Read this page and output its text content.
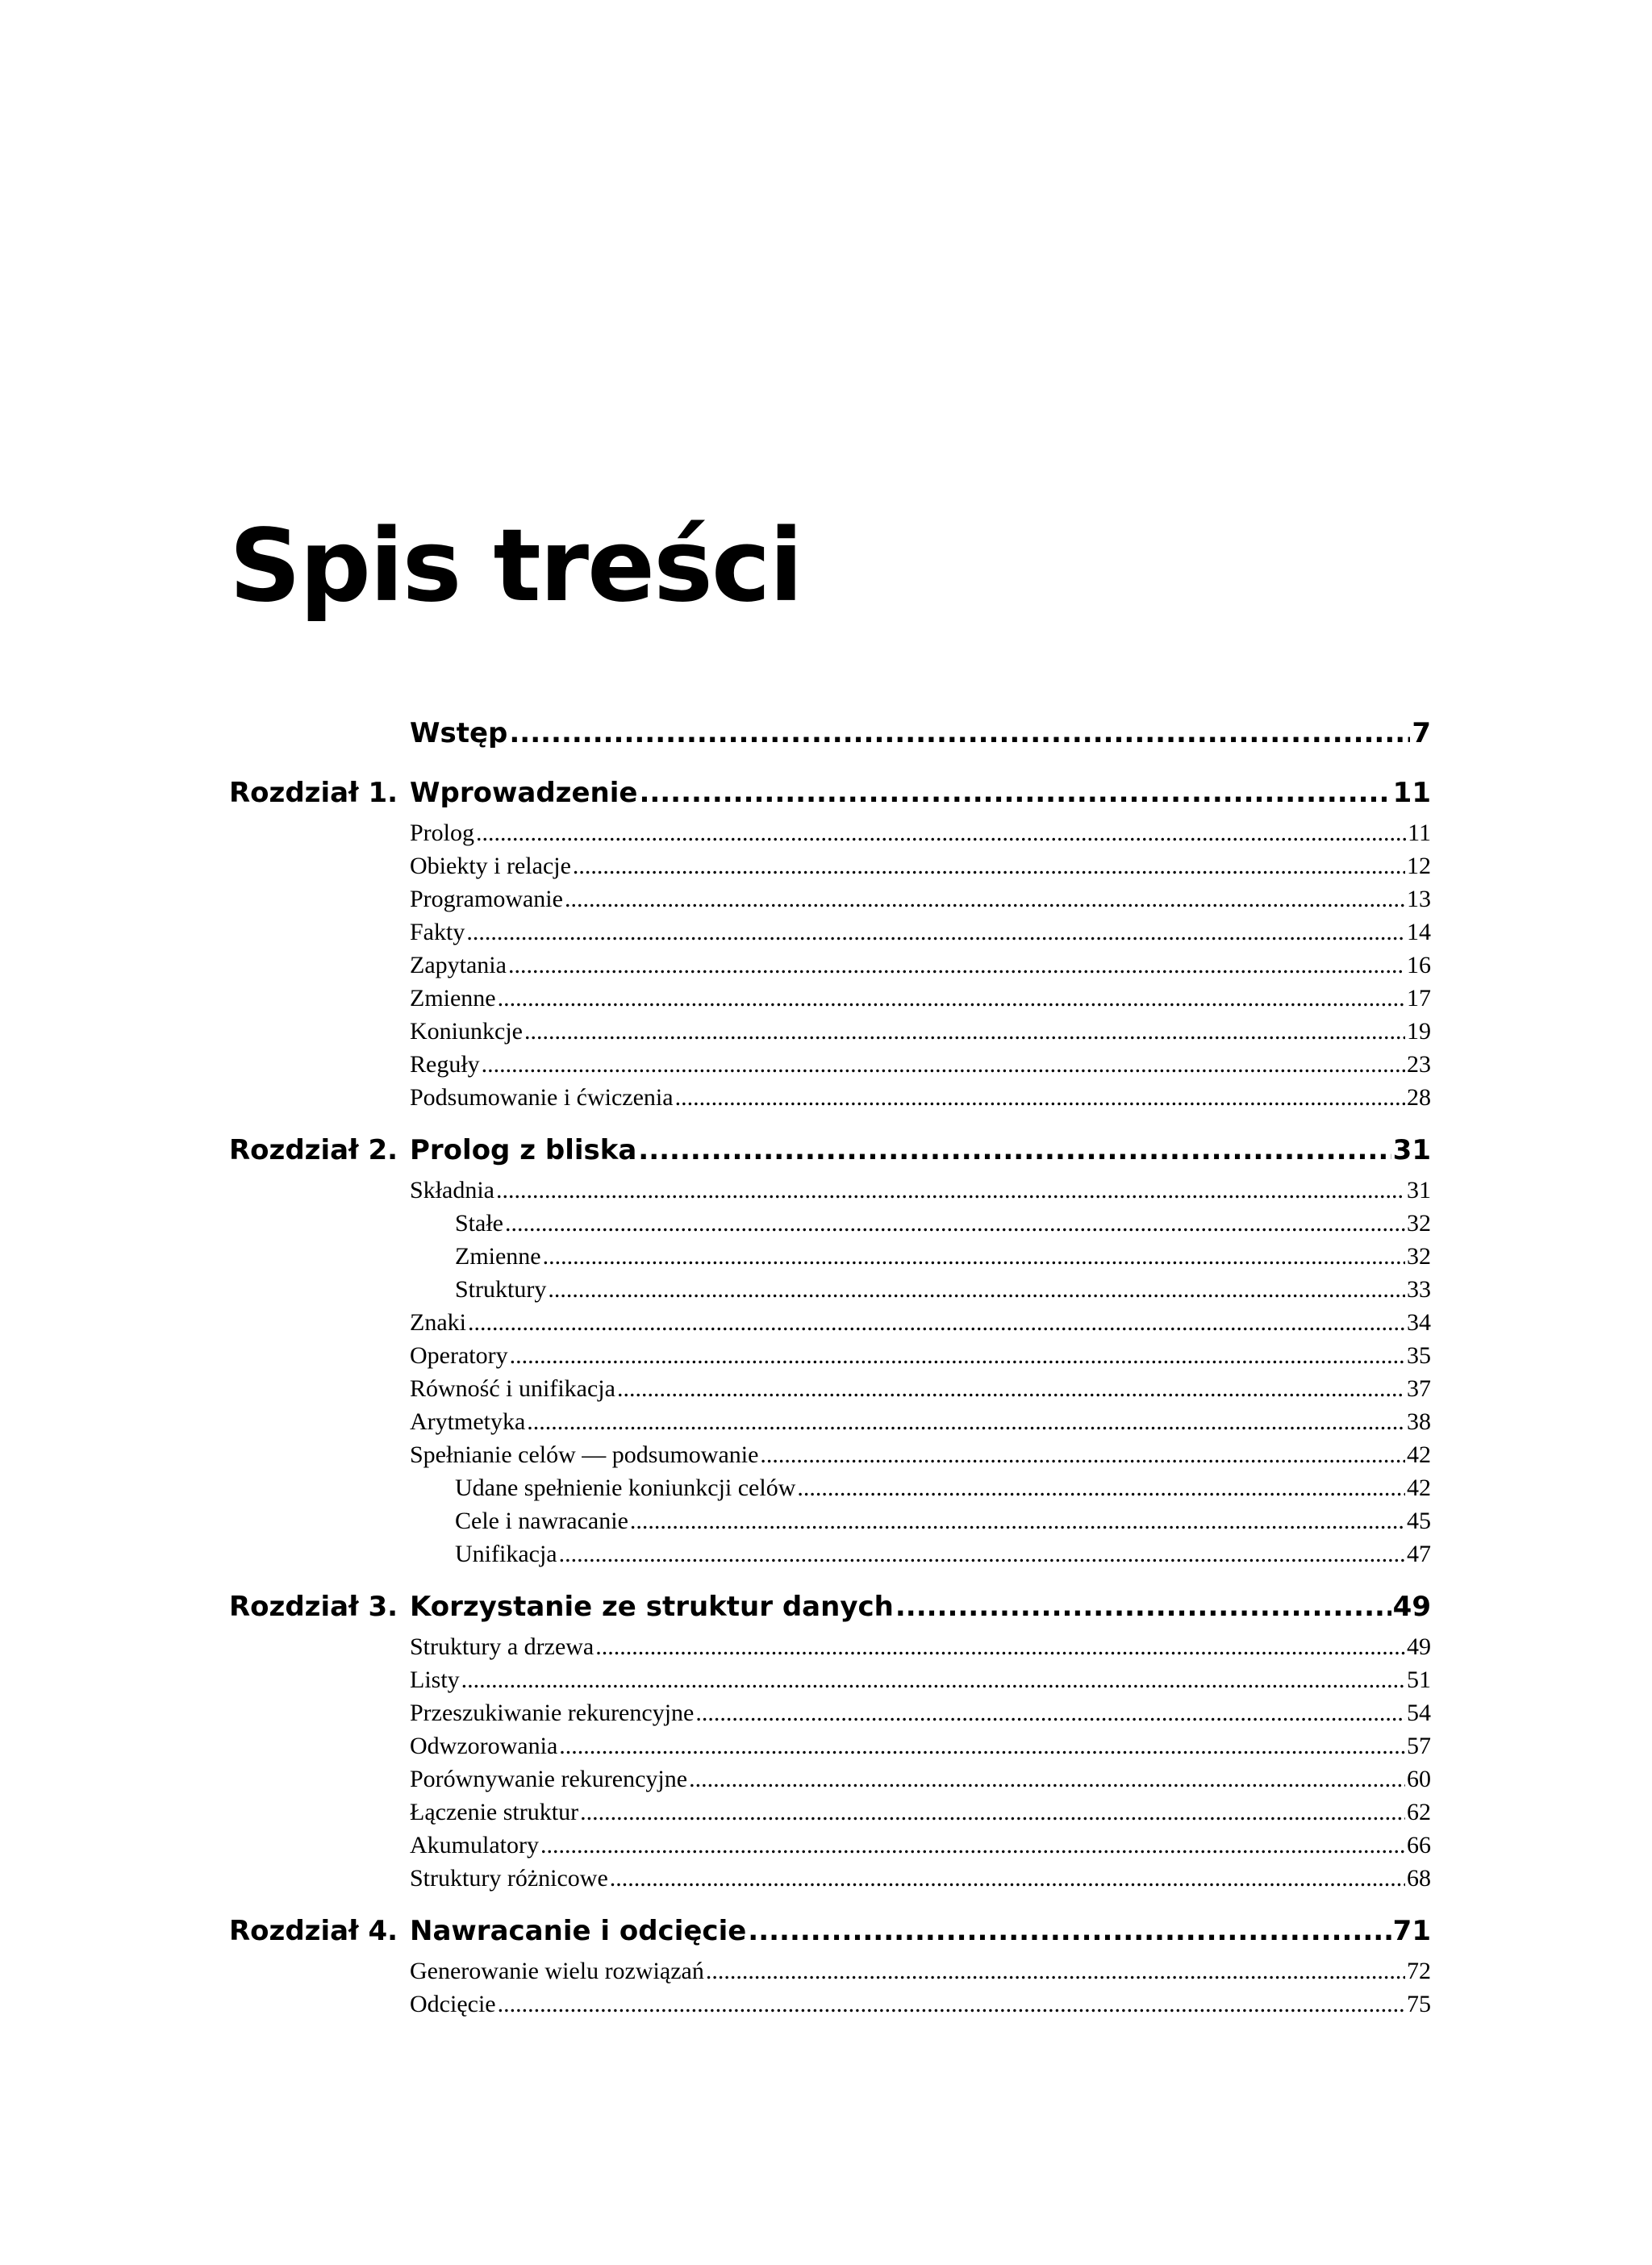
Spis treści
Wstęp .....	7
Rozdział 1. Wprowadzenie .....	11
Prolog .....	11
Obiekty i relacje .....	12
Programowanie .....	13
Fakty .....	14
Zapytania .....	16
Zmienne .....	17
Koniunkcje .....	19
Reguły .....	23
Podsumowanie i ćwiczenia .....	28
Rozdział 2. Prolog z bliska .....	31
Składnia .....	31
Stałe .....	32
Zmienne .....	32
Struktury .....	33
Znaki .....	34
Operatory .....	35
Równość i unifikacja .....	37
Arytmetyka .....	38
Spełnianie celów — podsumowanie .....	42
Udane spełnienie koniunkcji celów .....	42
Cele i nawracanie .....	45
Unifikacja .....	47
Rozdział 3. Korzystanie ze struktur danych .....	49
Struktury a drzewa .....	49
Listy .....	51
Przeszukiwanie rekurencyjne .....	54
Odwzorowania .....	57
Porównywanie rekurencyjne .....	60
Łączenie struktur .....	62
Akumulatory .....	66
Struktury różnicowe .....	68
Rozdział 4. Nawracanie i odcięcie .....	71
Generowanie wielu rozwiązań .....	72
Odcięcie .....	75
